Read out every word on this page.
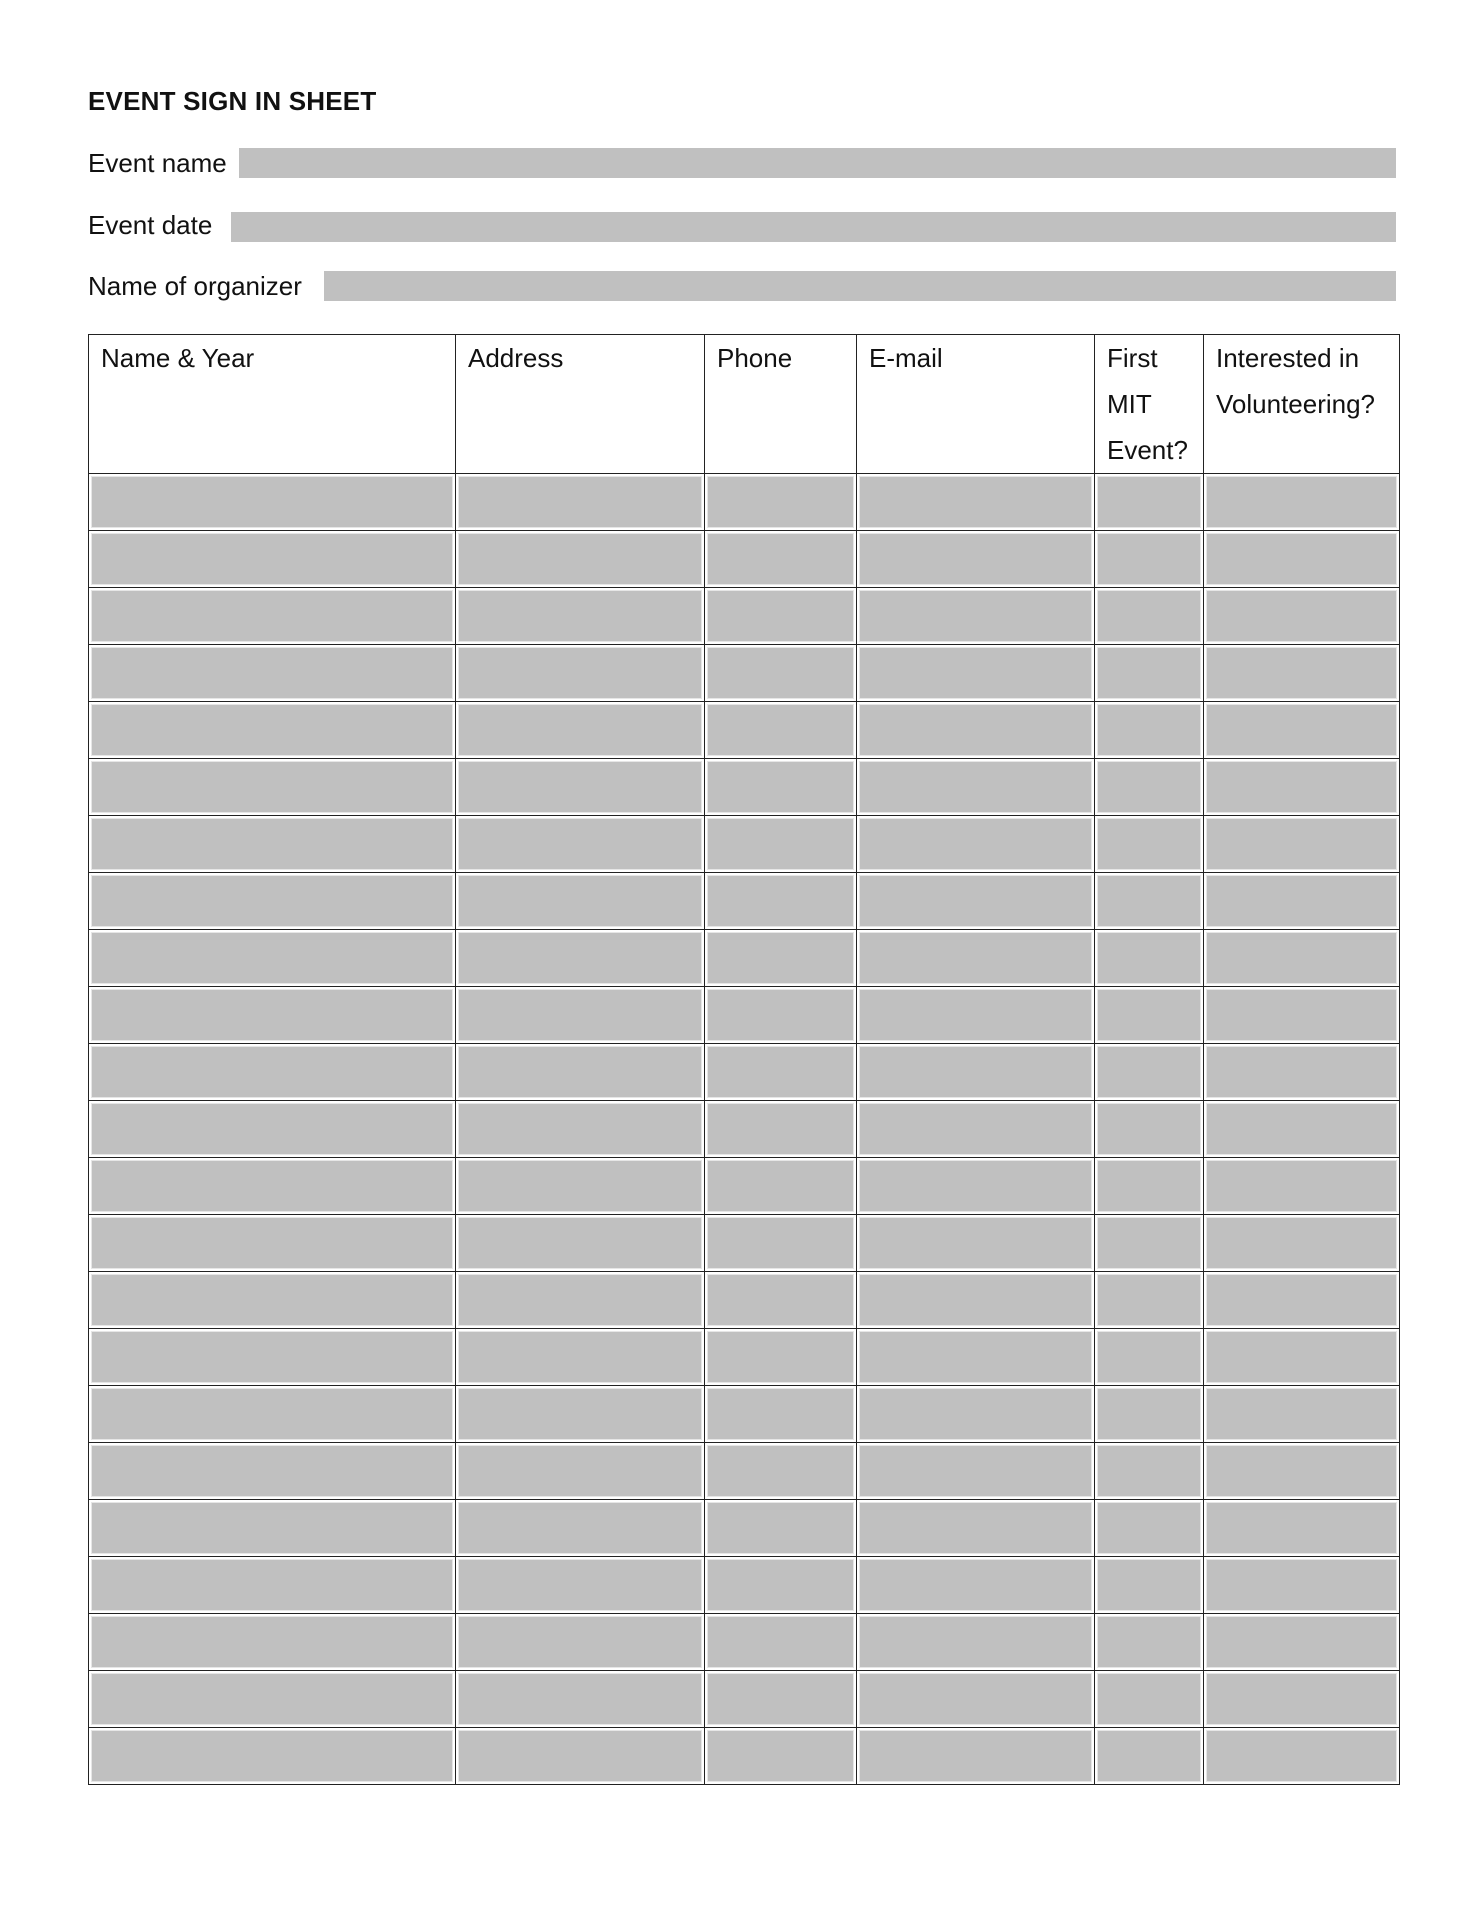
EVENT SIGN IN SHEET
Event name
Event date
Name of organizer
Name & Year	Address	Phone	E-mail	First MIT Event?	Interested in Volunteering?
